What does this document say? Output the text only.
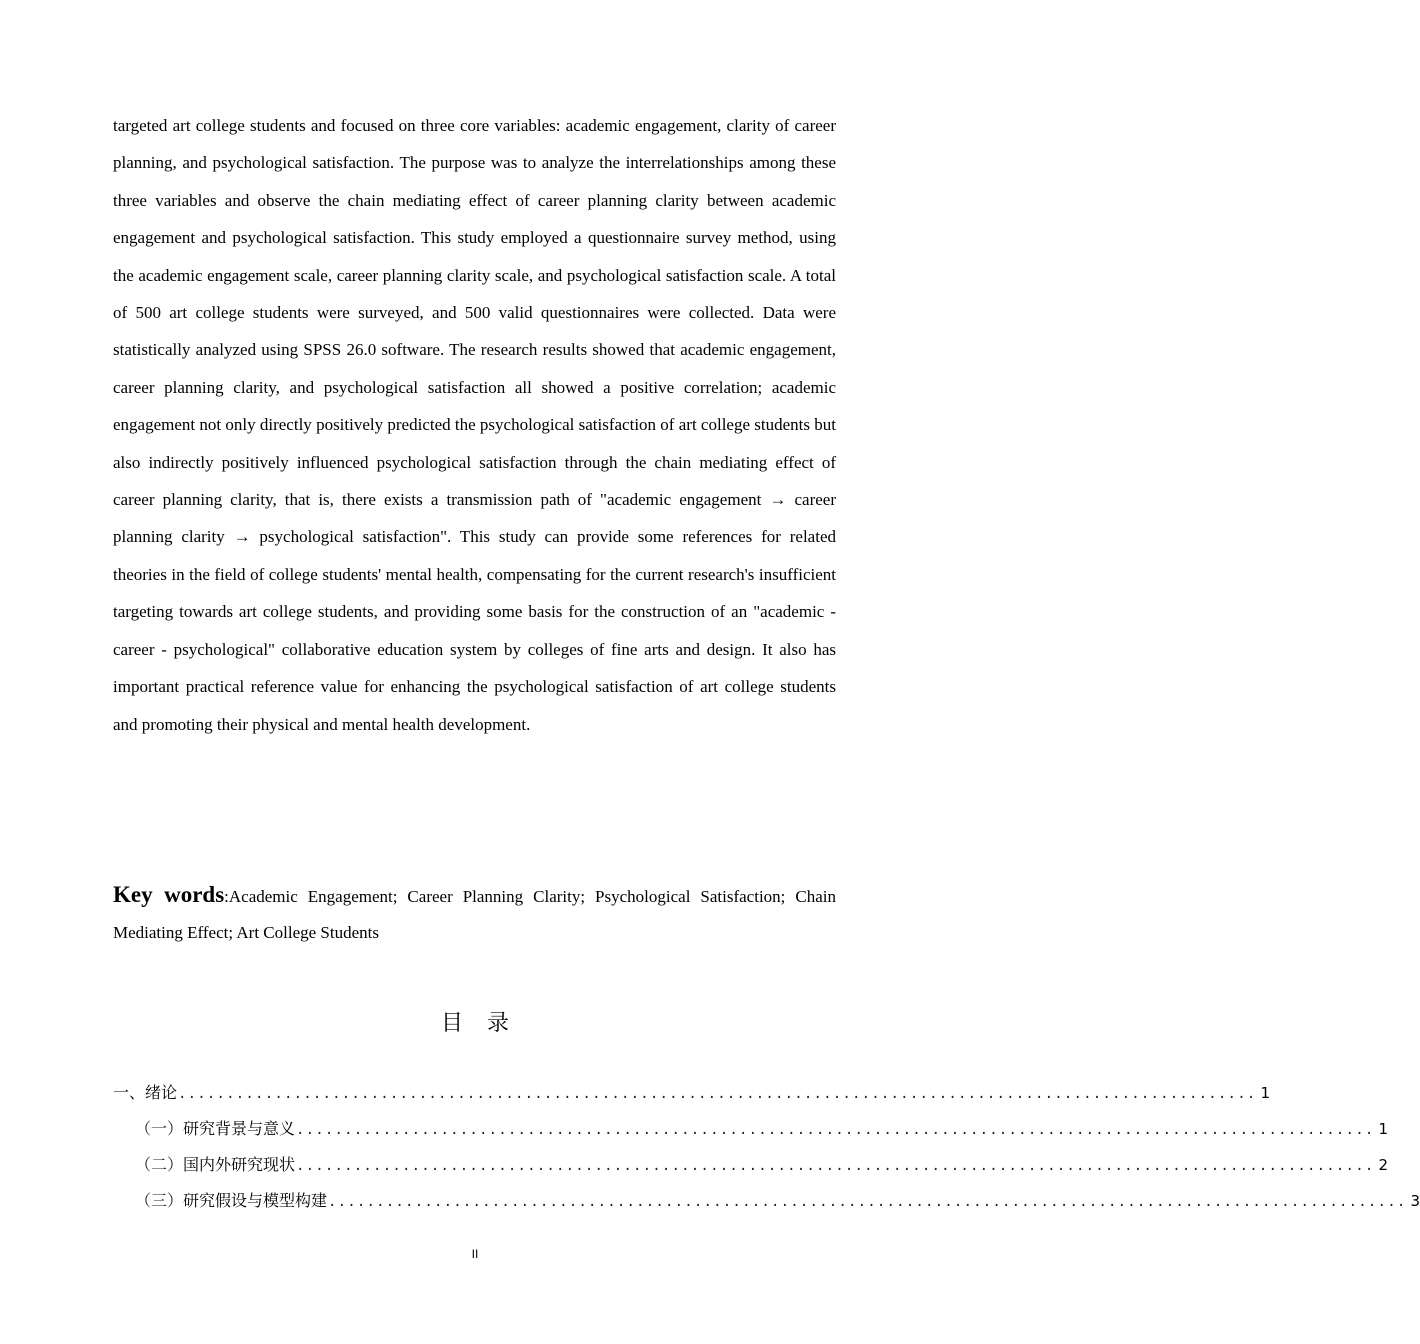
targeted art college students and focused on three core variables: academic engagement, clarity of career planning, and psychological satisfaction. The purpose was to analyze the interrelationships among these three variables and observe the chain mediating effect of career planning clarity between academic engagement and psychological satisfaction. This study employed a questionnaire survey method, using the academic engagement scale, career planning clarity scale, and psychological satisfaction scale. A total of 500 art college students were surveyed, and 500 valid questionnaires were collected. Data were statistically analyzed using SPSS 26.0 software. The research results showed that academic engagement, career planning clarity, and psychological satisfaction all showed a positive correlation; academic engagement not only directly positively predicted the psychological satisfaction of art college students but also indirectly positively influenced psychological satisfaction through the chain mediating effect of career planning clarity, that is, there exists a transmission path of "academic engagement → career planning clarity → psychological satisfaction". This study can provide some references for related theories in the field of college students' mental health, compensating for the current research's insufficient targeting towards art college students, and providing some basis for the construction of an "academic - career - psychological" collaborative education system by colleges of fine arts and design. It also has important practical reference value for enhancing the psychological satisfaction of art college students and promoting their physical and mental health development.

Key words:Academic Engagement; Career Planning Clarity; Psychological Satisfaction; Chain Mediating Effect; Art College Students

目录
一、 绪论 ................................................................................................................ 1
（一） 研究背景与意义 ................................................................................................................ 1
（二） 国内外研究现状 ................................................................................................................ 2
（三） 研究假设与模型构建 ................................................................................................................ 3
II
